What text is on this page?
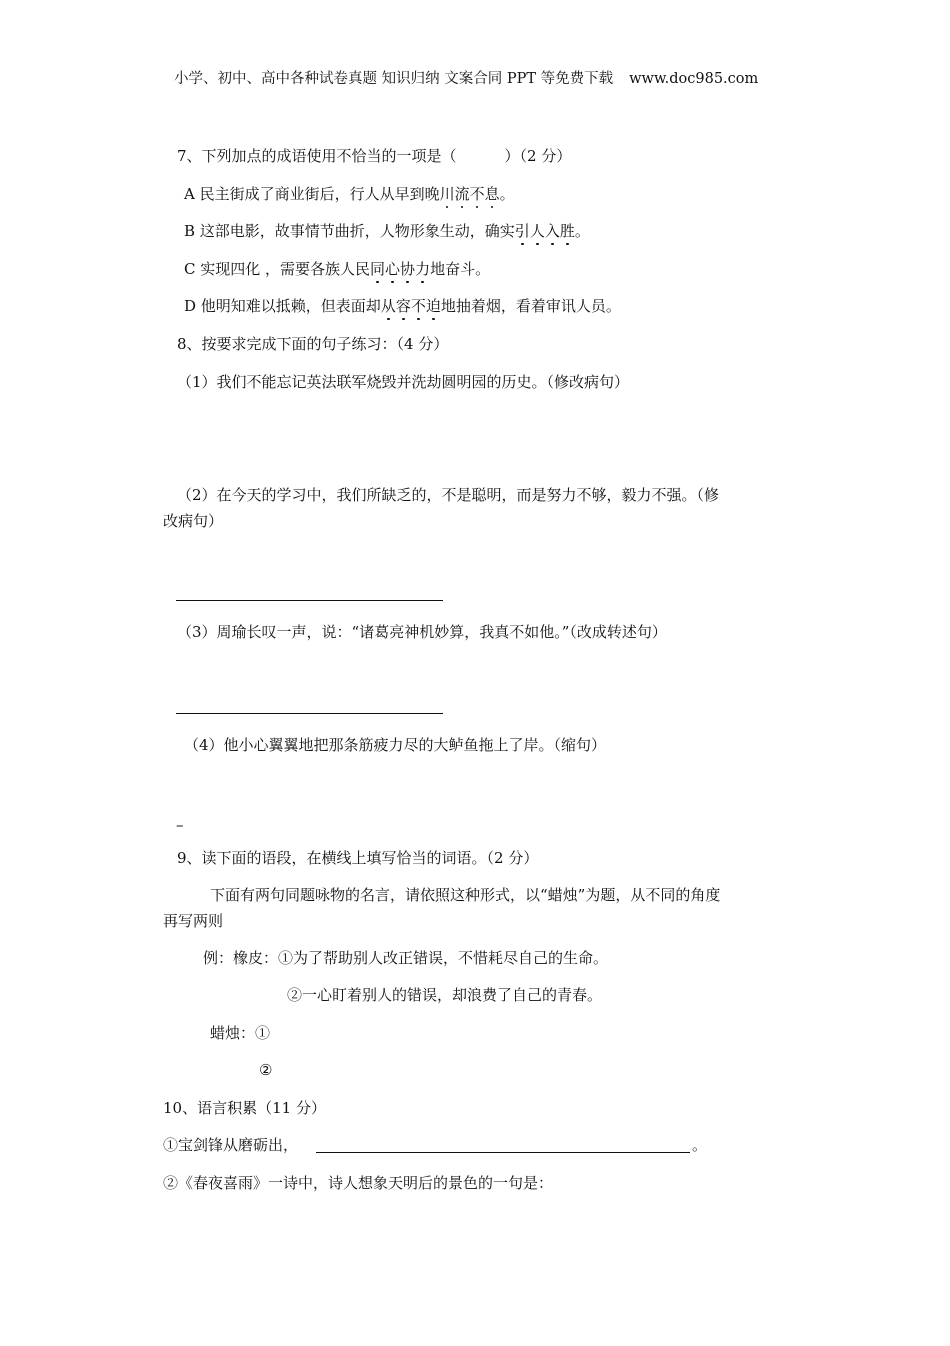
小学、初中、高中各种试卷真题 知识归纳 文案合同 PPT 等免费下载 www.doc985.com
7、下列加点的成语使用不恰当的一项是（	）（2 分）
A 民主街成了商业街后，行人从早到晚川流不息。
B 这部电影，故事情节曲折，人物形象生动，确实引人入胜。
C 实现四化 ，需要各族人民同心协力地奋斗。
D 他明知难以抵赖，但表面却从容不迫地抽着烟，看着审讯人员。
8、按要求完成下面的句子练习：（4 分）
（1）我们不能忘记英法联军烧毁并洗劫圆明园的历史。（修改病句）
（2）在今天的学习中，我们所缺乏的，不是聪明，而是努力不够，毅力不强。（修
改病句）
（3）周瑜长叹一声，说：“诸葛亮神机妙算，我真不如他。”（改成转述句）
（4）他小心翼翼地把那条筋疲力尽的大鲈鱼拖上了岸。（缩句）
–
9、读下面的语段，在横线上填写恰当的词语。（2 分）
下面有两句同题咏物的名言，请依照这种形式，以“蜡烛”为题，从不同的角度
再写两则
例：橡皮：①为了帮助别人改正错误，不惜耗尽自己的生命。
②一心盯着别人的错误，却浪费了自己的青春。
蜡烛：①
②
10、语言积累（11 分）
①宝剑锋从磨砺出，	。
②《春夜喜雨》一诗中，诗人想象天明后的景色的一句是：
